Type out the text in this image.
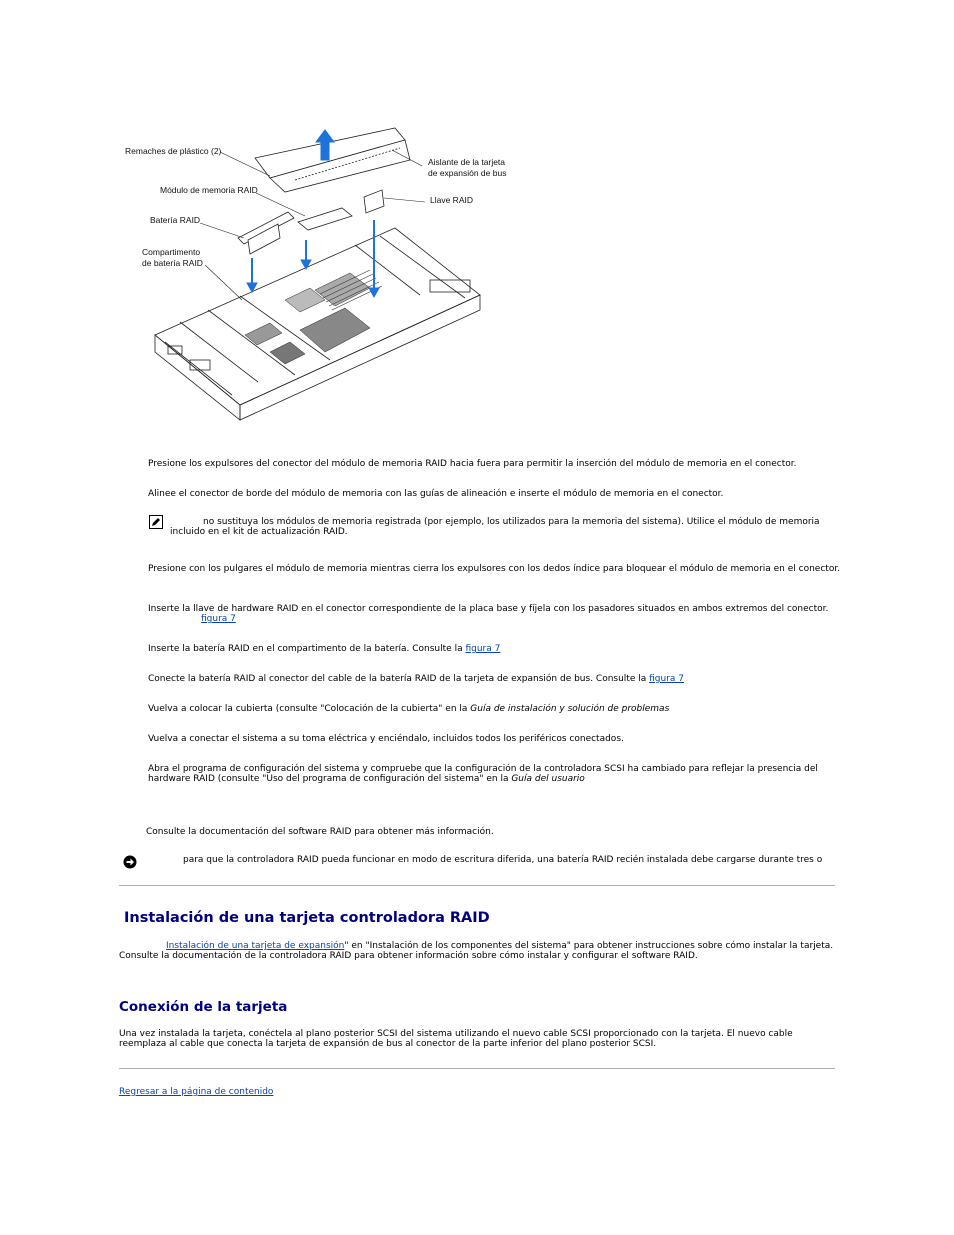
Remaches de plástico (2)
Aislante de la tarjeta
de expansión de bus
Módulo de memoria RAID
Llave RAID
Batería RAID
Compartimento
de batería RAID
Presione los expulsores del conector del módulo de memoria RAID hacia fuera para permitir la inserción del módulo de memoria en el conector.
Alinee el conector de borde del módulo de memoria con las guías de alineación e inserte el módulo de memoria en el conector.
no sustituya los módulos de memoria registrada (por ejemplo, los utilizados para la memoria del sistema). Utilice el módulo de memoria
incluido en el kit de actualización RAID.
Presione con los pulgares el módulo de memoria mientras cierra los expulsores con los dedos índice para bloquear el módulo de memoria en el conector.
Inserte la llave de hardware RAID en el conector correspondiente de la placa base y fíjela con los pasadores situados en ambos extremos del conector.
figura 7
Inserte la batería RAID en el compartimento de la batería. Consulte la figura 7
Conecte la batería RAID al conector del cable de la batería RAID de la tarjeta de expansión de bus. Consulte la figura 7
Vuelva a colocar la cubierta (consulte "Colocación de la cubierta" en la Guía de instalación y solución de problemas
Vuelva a conectar el sistema a su toma eléctrica y enciéndalo, incluidos todos los periféricos conectados.
Abra el programa de configuración del sistema y compruebe que la configuración de la controladora SCSI ha cambiado para reflejar la presencia del
hardware RAID (consulte "Uso del programa de configuración del sistema" en la Guía del usuario
Consulte la documentación del software RAID para obtener más información.
para que la controladora RAID pueda funcionar en modo de escritura diferida, una batería RAID recién instalada debe cargarse durante tres o
Instalación de una tarjeta controladora RAID
Instalación de una tarjeta de expansión" en "Instalación de los componentes del sistema" para obtener instrucciones sobre cómo instalar la tarjeta.
Consulte la documentación de la controladora RAID para obtener información sobre cómo instalar y configurar el software RAID.
Conexión de la tarjeta
Una vez instalada la tarjeta, conéctela al plano posterior SCSI del sistema utilizando el nuevo cable SCSI proporcionado con la tarjeta. El nuevo cable
reemplaza al cable que conecta la tarjeta de expansión de bus al conector de la parte inferior del plano posterior SCSI.
Regresar a la página de contenido
